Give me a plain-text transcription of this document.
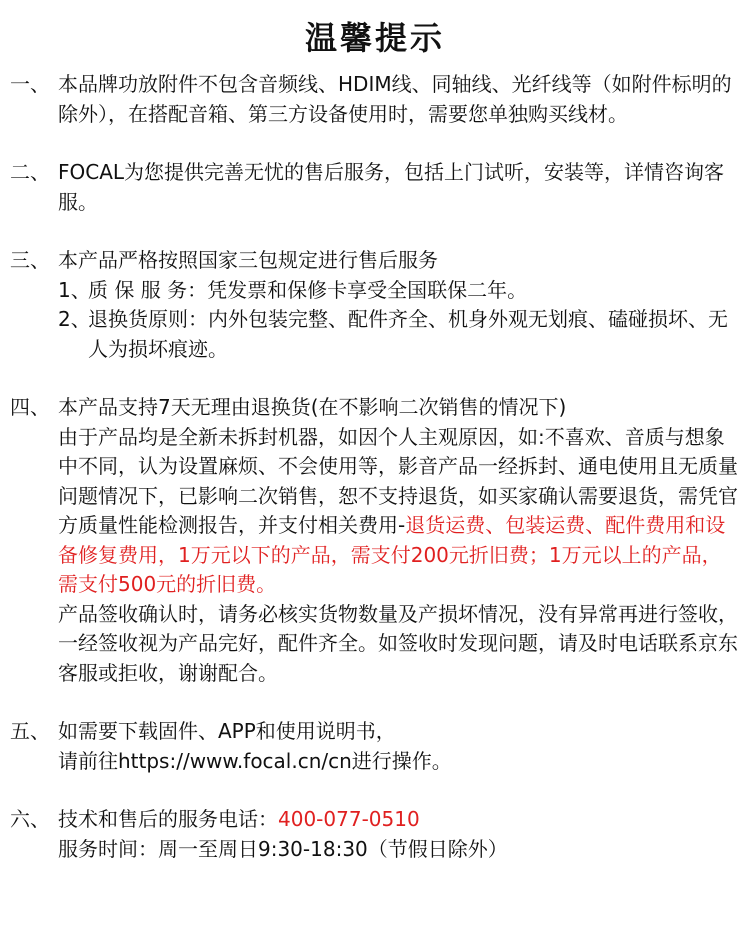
温馨提示
一、 本品牌功放附件不包含音频线、HDIM线、同轴线、光纤线等（如附件标明的除外），在搭配音箱、第三方设备使用时，需要您单独购买线材。
二、 FOCAL为您提供完善无忧的售后服务，包括上门试听，安装等，详情咨询客服。
三、 本产品严格按照国家三包规定进行售后服务
1、
质 保 服 务：凭发票和保修卡享受全国联保二年。
2、
退换货原则：内外包装完整、配件齐全、机身外观无划痕、磕碰损坏、无人为损坏痕迹。
四、 本产品支持7天无理由退换货(在不影响二次销售的情况下)
由于产品均是全新未拆封机器，如因个人主观原因，如:不喜欢、音质与想象中不同，认为设置麻烦、不会使用等，影音产品一经拆封、通电使用且无质量问题情况下，已影响二次销售，恕不支持退货，如买家确认需要退货，需凭官方质量性能检测报告，并支付相关费用-退货运费、包装运费、配件费用和设备修复费用，1万元以下的产品，需支付200元折旧费；1万元以上的产品，需支付500元的折旧费。
产品签收确认时，请务必核实货物数量及产损坏情况，没有异常再进行签收，一经签收视为产品完好，配件齐全。如签收时发现问题，请及时电话联系京东客服或拒收，谢谢配合。
五、 如需要下载固件、APP和使用说明书，
请前往https://www.focal.cn/cn进行操作。
六、 技术和售后的服务电话：400-077-0510
服务时间：周一至周日9:30-18:30（节假日除外）
